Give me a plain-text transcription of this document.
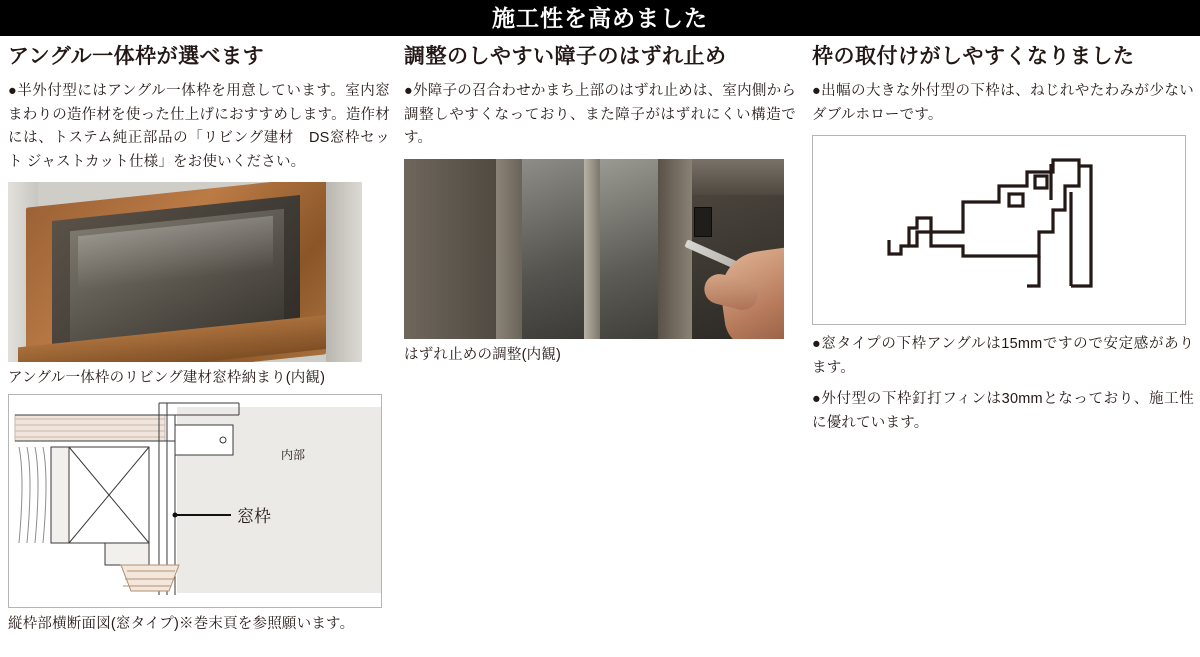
施工性を高めました
アングル一体枠が選べます

●半外付型にはアングル一体枠を用意しています。室内窓まわりの造作材を使った仕上げにおすすめします。造作材には、トステム純正部品の「リビング建材　DS窓枠セット ジャストカット仕様」をお使いください。

アングル一体枠のリビング建材窓枠納まり(内観)

窓枠
内部

縦枠部横断面図(窓タイプ)※巻末頁を参照願います。

調整のしやすい障子のはずれ止め

●外障子の召合わせかまち上部のはずれ止めは、室内側から調整しやすくなっており、また障子がはずれにくい構造です。

はずれ止めの調整(内観)

枠の取付けがしやすくなりました

●出幅の大きな外付型の下枠は、ねじれやたわみが少ないダブルホローです。

●窓タイプの下枠アングルは15mmですので安定感があります。

●外付型の下枠釘打フィンは30mmとなっており、施工性に優れています。
